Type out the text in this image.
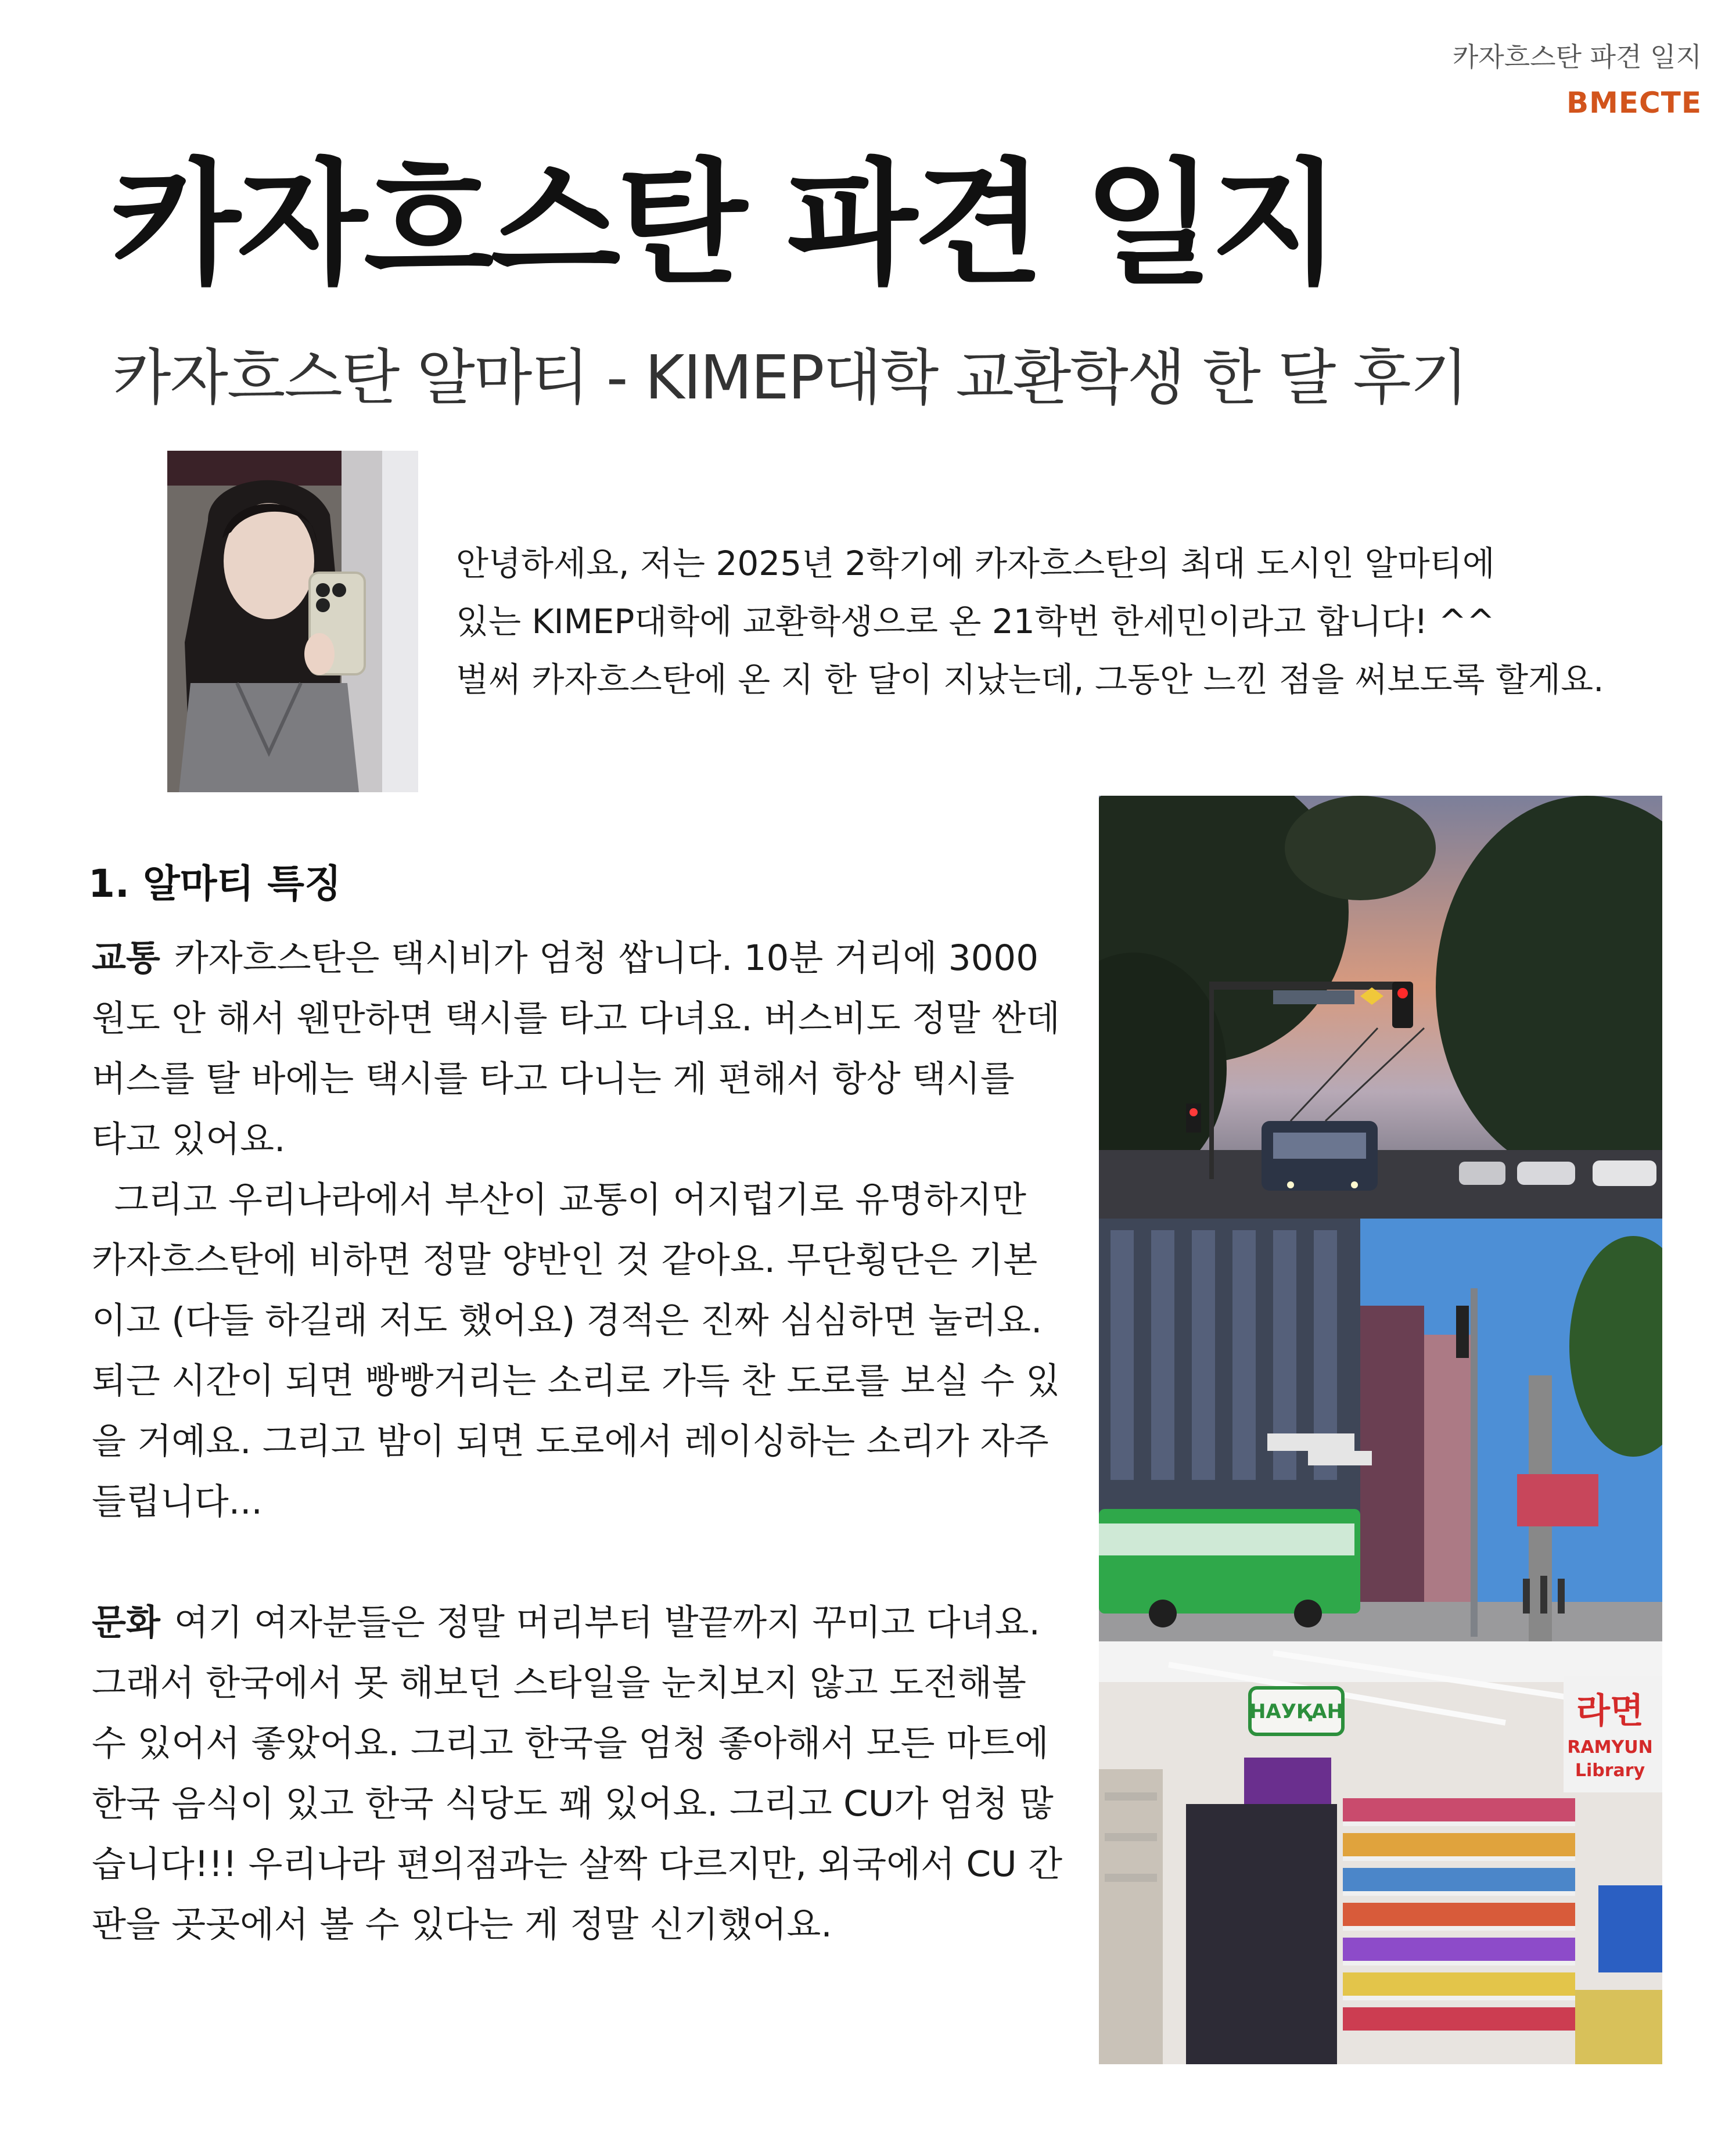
카자흐스탄 파견 일지
BMECTE
카자흐스탄 파견 일지
카자흐스탄 알마티 - KIMEP대학 교환학생 한 달 후기

안녕하세요, 저는 2025년 2학기에 카자흐스탄의 최대 도시인 알마티에

있는 KIMEP대학에 교환학생으로 온 21학번 한세민이라고 합니다! ^^

벌써 카자흐스탄에 온 지 한 달이 지났는데, 그동안 느낀 점을 써보도록 할게요.

1. 알마티 특징
교통 카자흐스탄은 택시비가 엄청 쌉니다. 10분 거리에 3000
원도 안 해서 웬만하면 택시를 타고 다녀요. 버스비도 정말 싼데
버스를 탈 바에는 택시를 타고 다니는 게 편해서 항상 택시를
타고 있어요.
그리고 우리나라에서 부산이 교통이 어지럽기로 유명하지만
카자흐스탄에 비하면 정말 양반인 것 같아요. 무단횡단은 기본
이고 (다들 하길래 저도 했어요) 경적은 진짜 심심하면 눌러요.
퇴근 시간이 되면 빵빵거리는 소리로 가득 찬 도로를 보실 수 있
을 거예요. 그리고 밤이 되면 도로에서 레이싱하는 소리가 자주
들립니다...
문화 여기 여자분들은 정말 머리부터 발끝까지 꾸미고 다녀요.
그래서 한국에서 못 해보던 스타일을 눈치보지 않고 도전해볼
수 있어서 좋았어요. 그리고 한국을 엄청 좋아해서 모든 마트에
한국 음식이 있고 한국 식당도 꽤 있어요. 그리고 CU가 엄청 많
습니다!!! 우리나라 편의점과는 살짝 다르지만, 외국에서 CU 간
판을 곳곳에서 볼 수 있다는 게 정말 신기했어요.
НАУҚАН	라면
RAMYUN
Library
